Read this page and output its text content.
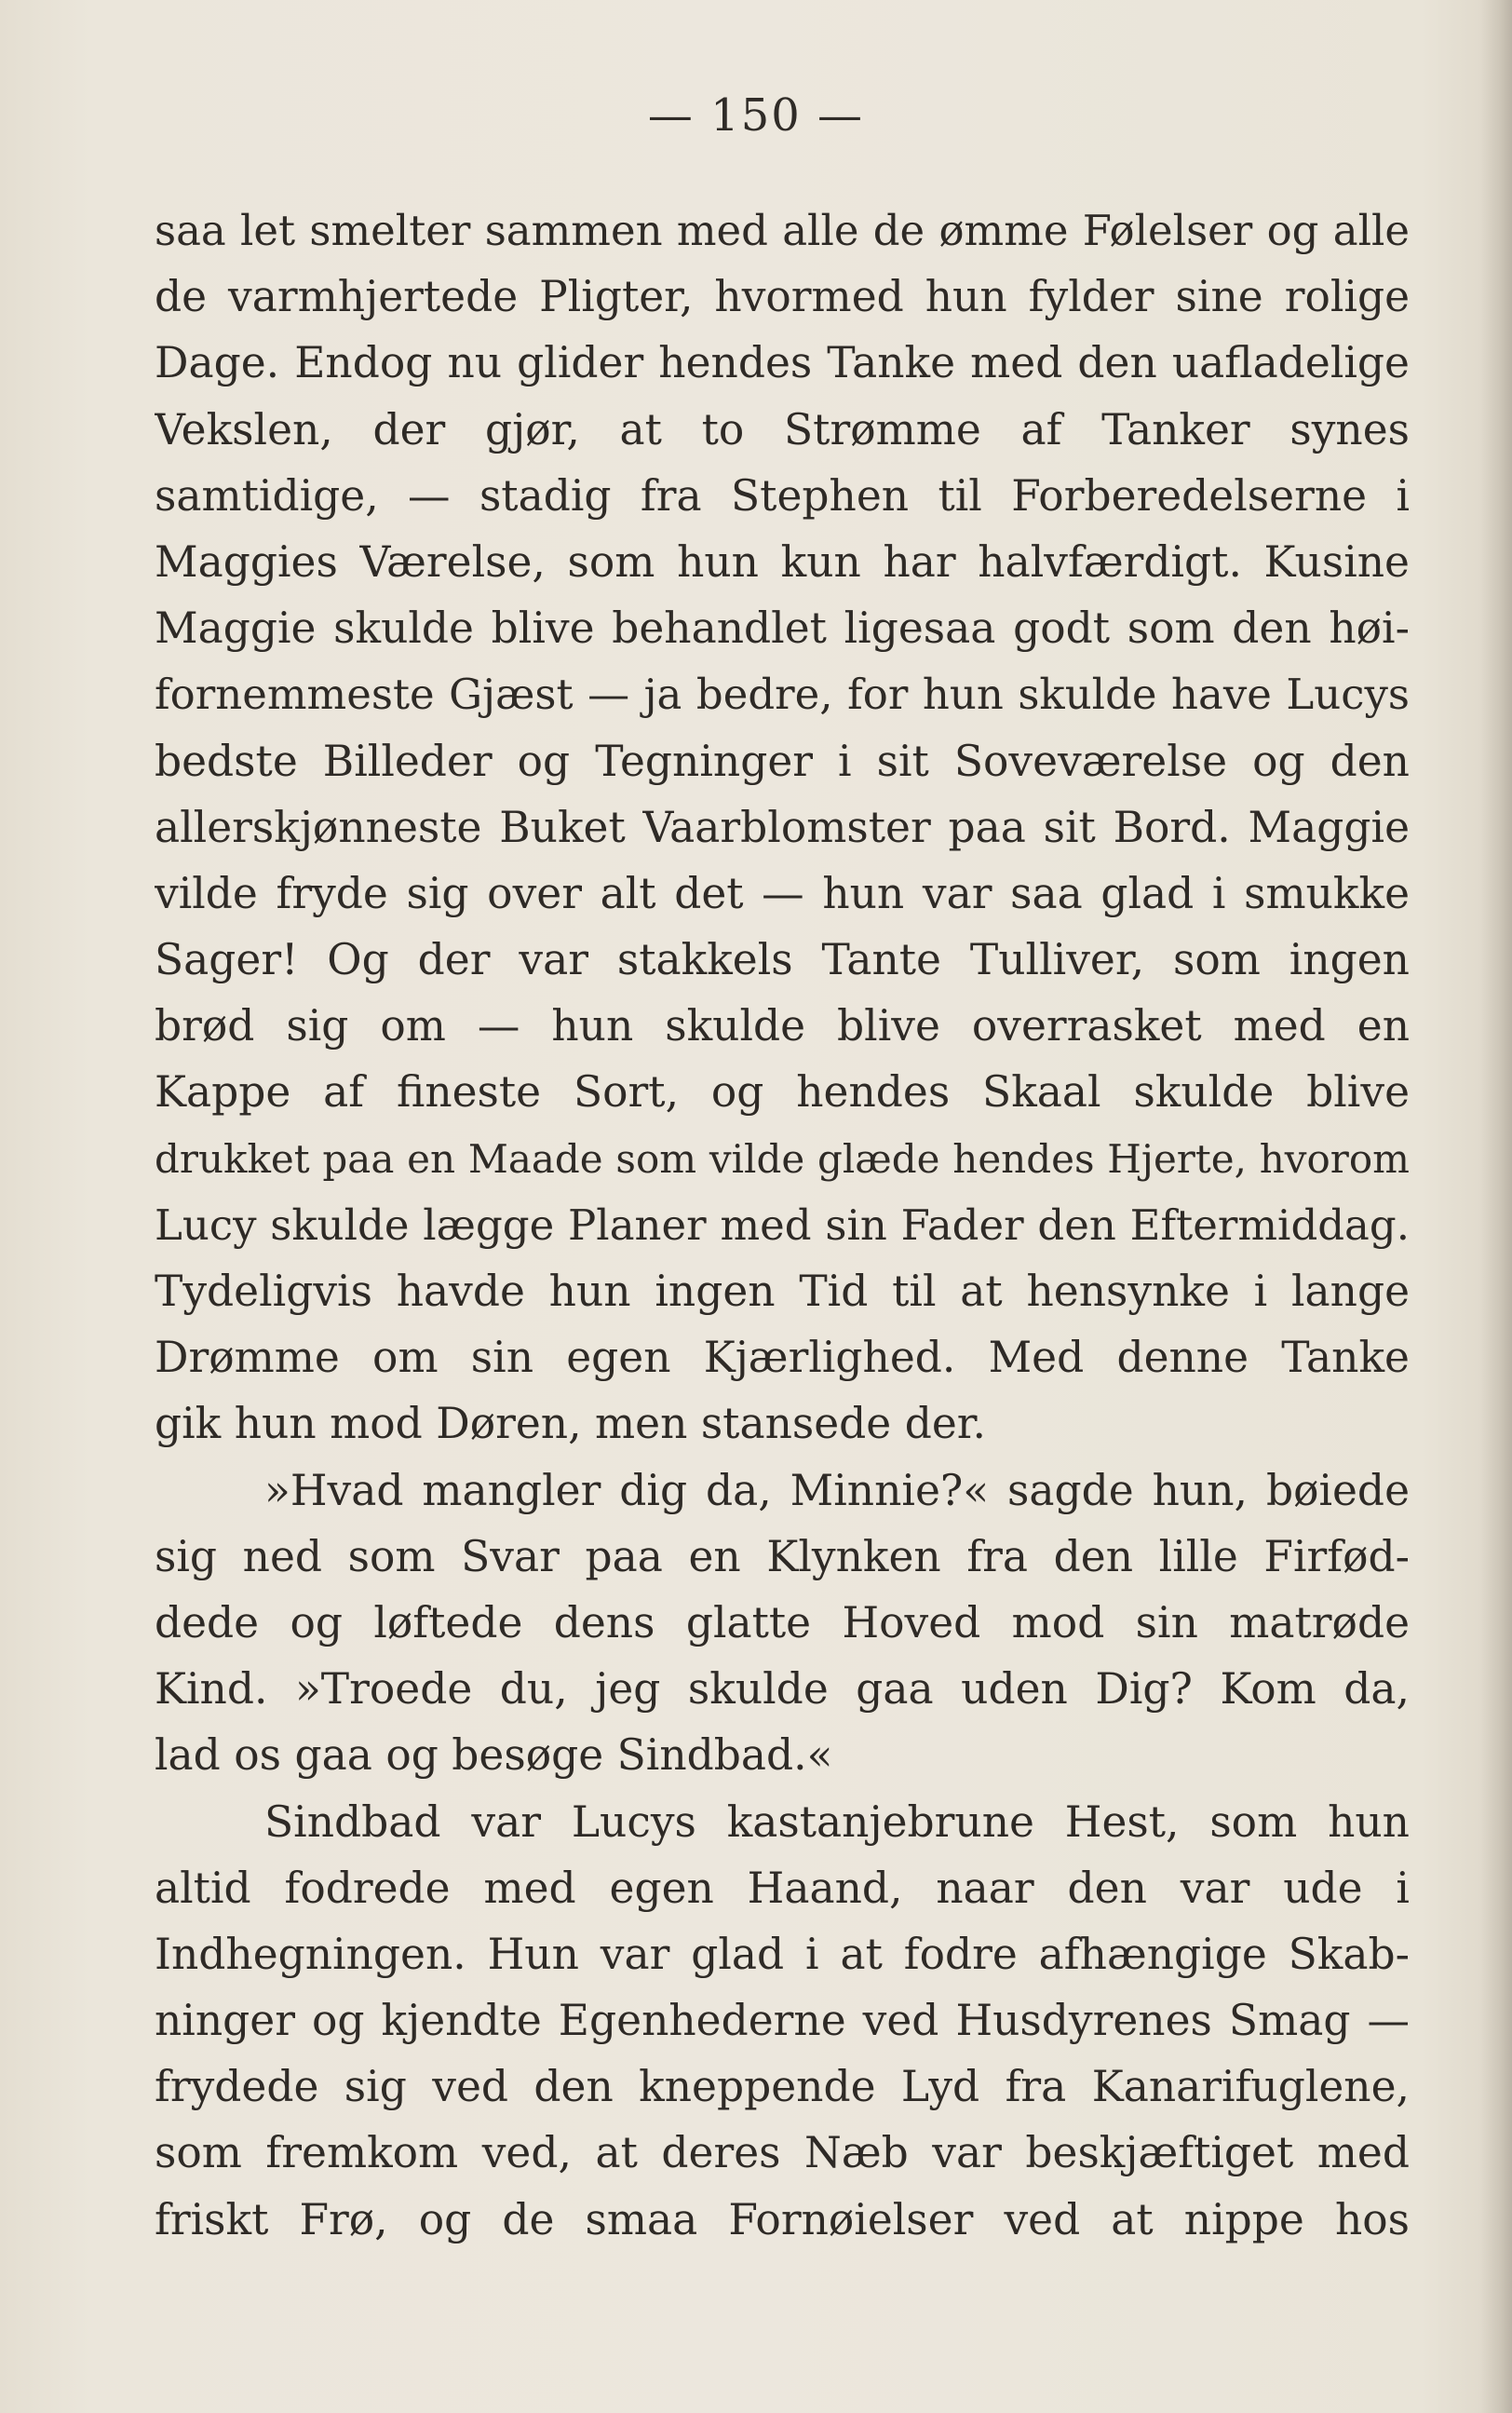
— 150 —
saa let smelter sammen med alle de ømme Følelser og alle
de varmhjertede Pligter, hvormed hun fylder sine rolige
Dage. Endog nu glider hendes Tanke med den uafladelige
Vekslen, der gjør, at to Strømme af Tanker synes
samtidige, — stadig fra Stephen til Forberedelserne i
Maggies Værelse, som hun kun har halvfærdigt. Kusine
Maggie skulde blive behandlet ligesaa godt som den høi-
fornemmeste Gjæst — ja bedre, for hun skulde have Lucys
bedste Billeder og Tegninger i sit Soveværelse og den
allerskjønneste Buket Vaarblomster paa sit Bord. Maggie
vilde fryde sig over alt det — hun var saa glad i smukke
Sager! Og der var stakkels Tante Tulliver, som ingen
brød sig om — hun skulde blive overrasket med en
Kappe af fineste Sort, og hendes Skaal skulde blive
drukket paa en Maade som vilde glæde hendes Hjerte, hvorom
Lucy skulde lægge Planer med sin Fader den Eftermiddag.
Tydeligvis havde hun ingen Tid til at hensynke i lange
Drømme om sin egen Kjærlighed. Med denne Tanke
gik hun mod Døren, men stansede der.
»Hvad mangler dig da, Minnie?« sagde hun, bøiede
sig ned som Svar paa en Klynken fra den lille Firfød-
dede og løftede dens glatte Hoved mod sin matrøde
Kind. »Troede du, jeg skulde gaa uden Dig? Kom da,
lad os gaa og besøge Sindbad.«
Sindbad var Lucys kastanjebrune Hest, som hun
altid fodrede med egen Haand, naar den var ude i
Indhegningen. Hun var glad i at fodre afhængige Skab-
ninger og kjendte Egenhederne ved Husdyrenes Smag —
frydede sig ved den kneppende Lyd fra Kanarifuglene,
som fremkom ved, at deres Næb var beskjæftiget med
friskt Frø, og de smaa Fornøielser ved at nippe hos
